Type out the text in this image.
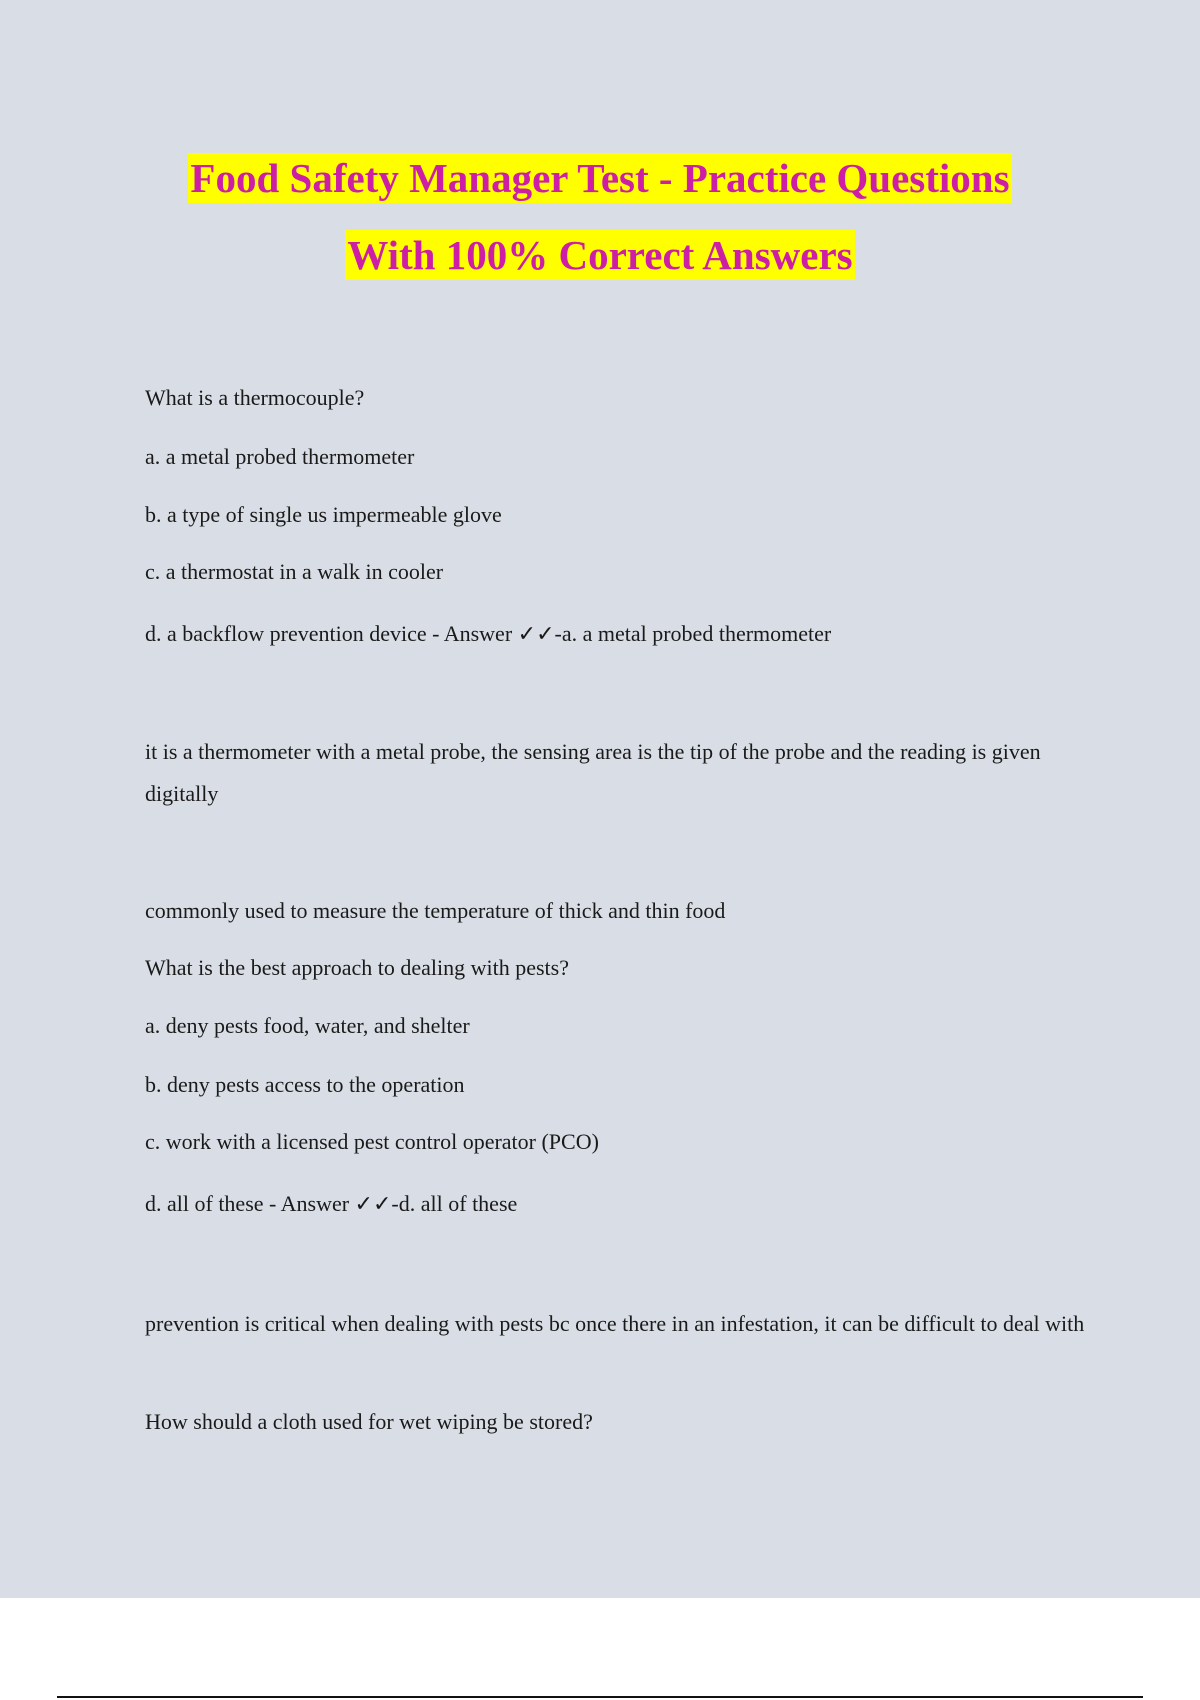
Food Safety Manager Test - Practice Questions
With 100% Correct Answers
What is a thermocouple?
a. a metal probed thermometer
b. a type of single us impermeable glove
c. a thermostat in a walk in cooler
d. a backflow prevention device - Answer ✓✓-a. a metal probed thermometer
it is a thermometer with a metal probe, the sensing area is the tip of the probe and the reading is given digitally
commonly used to measure the temperature of thick and thin food
What is the best approach to dealing with pests?
a. deny pests food, water, and shelter
b. deny pests access to the operation
c. work with a licensed pest control operator (PCO)
d. all of these - Answer ✓✓-d. all of these
prevention is critical when dealing with pests bc once there in an infestation, it can be difficult to deal with
How should a cloth used for wet wiping be stored?
